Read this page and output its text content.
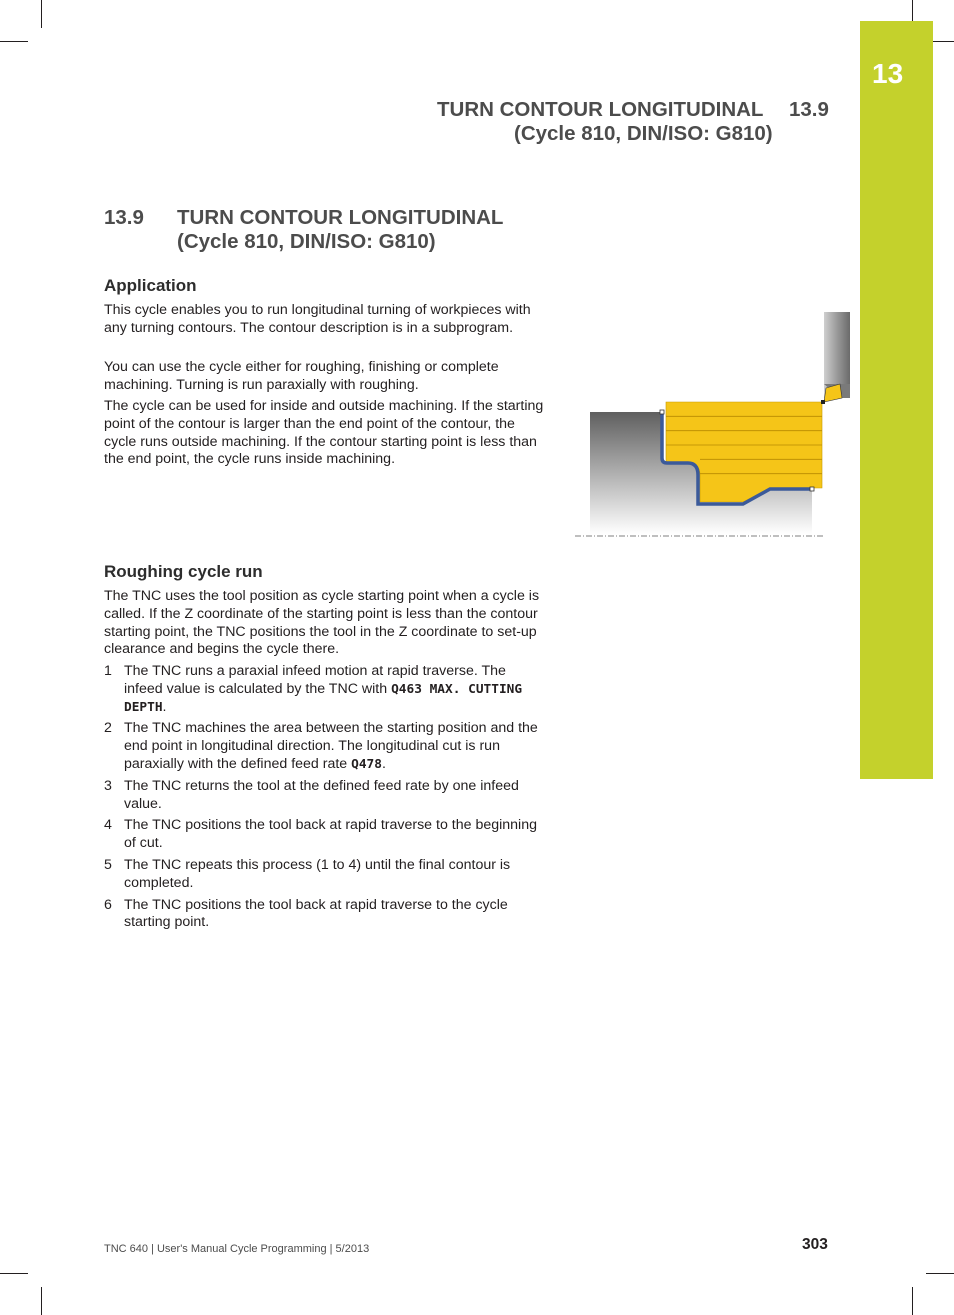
13
TURN CONTOUR LONGITUDINAL	13.9
(Cycle 810, DIN/ISO: G810)
13.9 TURN CONTOUR LONGITUDINAL
(Cycle 810, DIN/ISO: G810)
Application

This cycle enables you to run longitudinal turning of workpieces with any turning contours. The contour description is in a subprogram.

You can use the cycle either for roughing, finishing or complete machining. Turning is run paraxially with roughing.

The cycle can be used for inside and outside machining. If the starting point of the contour is larger than the end point of the contour, the cycle runs outside machining. If the contour starting point is less than the end point, the cycle runs inside machining.

Roughing cycle run

The TNC uses the tool position as cycle starting point when a cycle is called. If the Z coordinate of the starting point is less than the contour starting point, the TNC positions the tool in the Z coordinate to set-up clearance and begins the cycle there.

1 The TNC runs a paraxial infeed motion at rapid traverse. The infeed value is calculated by the TNC with Q463 MAX. CUTTING DEPTH.
2 The TNC machines the area between the starting position and the end point in longitudinal direction. The longitudinal cut is run paraxially with the defined feed rate Q478.
3 The TNC returns the tool at the defined feed rate by one infeed value.
4 The TNC positions the tool back at rapid traverse to the beginning of cut.
5 The TNC repeats this process (1 to 4) until the final contour is completed.
6 The TNC positions the tool back at rapid traverse to the cycle starting point.
TNC 640 | User's Manual Cycle Programming | 5/2013	303
